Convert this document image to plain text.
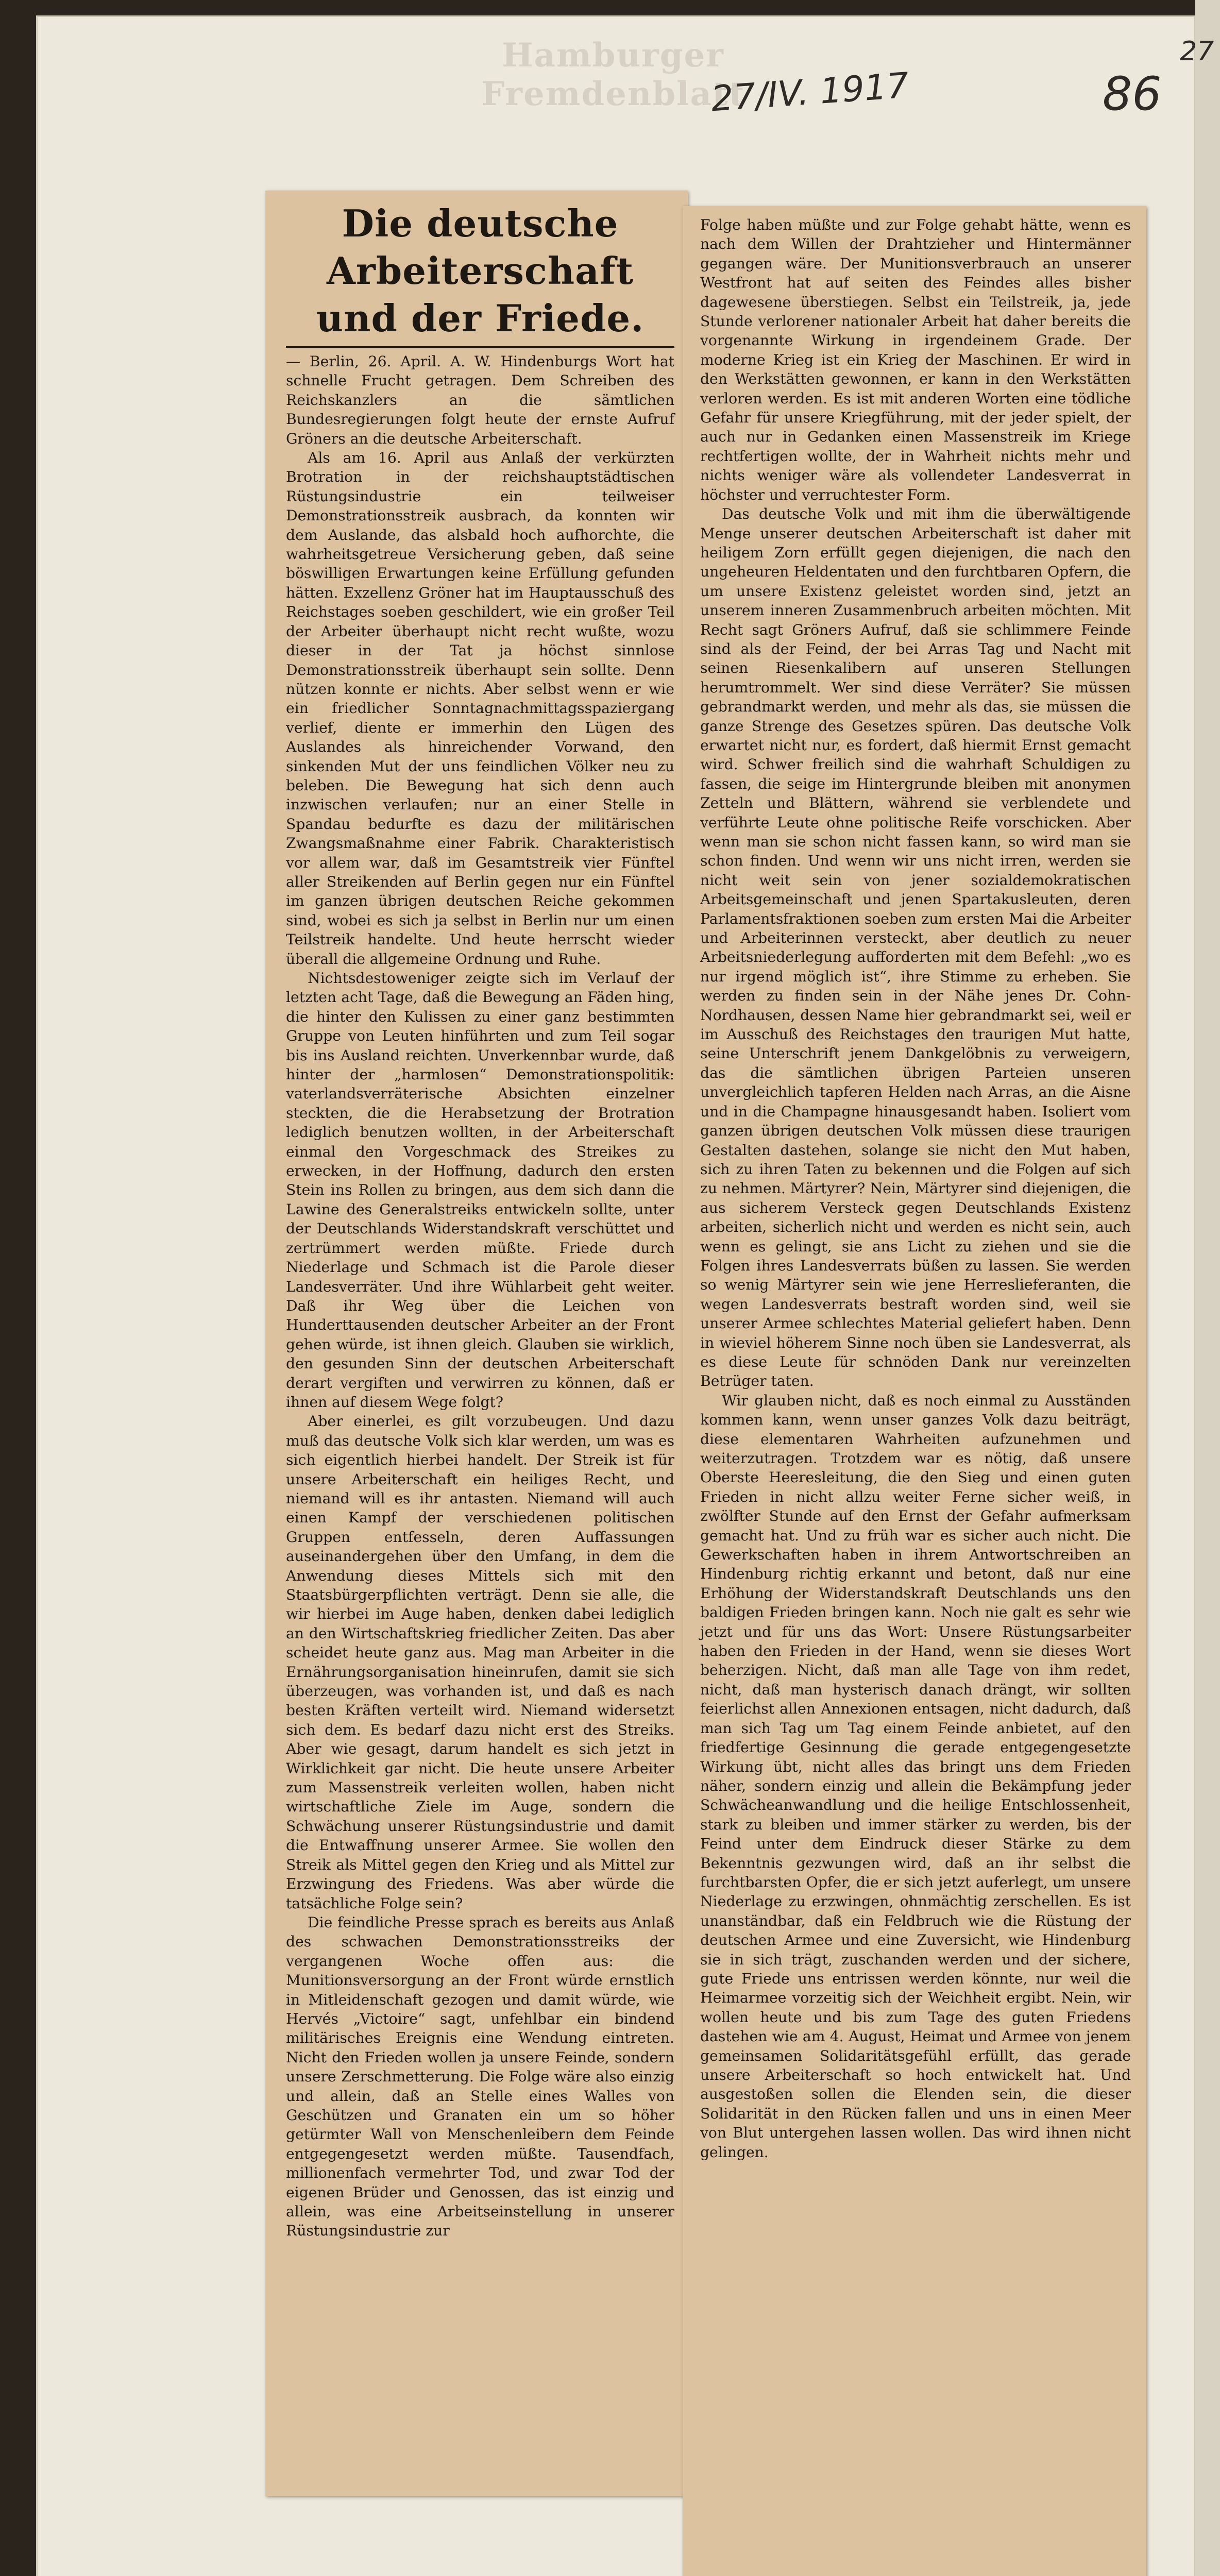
Hamburger Fremdenblatt
27/IV. 1917	86
27
Die deutsche Arbeiterschaft und der Friede.

— Berlin, 26. April. A. W. Hindenburgs Wort hat schnelle Frucht getragen. Dem Schreiben des Reichskanzlers an die sämtlichen Bundesregierungen folgt heute der ernste Aufruf Gröners an die deutsche Arbeiterschaft.

Als am 16. April aus Anlaß der verkürzten Brotration in der reichshauptstädtischen Rüstungsindustrie ein teilweiser Demonstrationsstreik ausbrach, da konnten wir dem Auslande, das alsbald hoch aufhorchte, die wahrheitsgetreue Versicherung geben, daß seine böswilligen Erwartungen keine Erfüllung gefunden hätten. Exzellenz Gröner hat im Hauptausschuß des Reichstages soeben geschildert, wie ein großer Teil der Arbeiter überhaupt nicht recht wußte, wozu dieser in der Tat ja höchst sinnlose Demonstrationsstreik überhaupt sein sollte. Denn nützen konnte er nichts. Aber selbst wenn er wie ein friedlicher Sonntagnachmittagsspaziergang verlief, diente er immerhin den Lügen des Auslandes als hinreichender Vorwand, den sinkenden Mut der uns feindlichen Völker neu zu beleben. Die Bewegung hat sich denn auch inzwischen verlaufen; nur an einer Stelle in Spandau bedurfte es dazu der militärischen Zwangsmaßnahme einer Fabrik. Charakteristisch vor allem war, daß im Gesamtstreik vier Fünftel aller Streikenden auf Berlin gegen nur ein Fünftel im ganzen übrigen deutschen Reiche gekommen sind, wobei es sich ja selbst in Berlin nur um einen Teilstreik handelte. Und heute herrscht wieder überall die allgemeine Ordnung und Ruhe.

Nichtsdestoweniger zeigte sich im Verlauf der letzten acht Tage, daß die Bewegung an Fäden hing, die hinter den Kulissen zu einer ganz bestimmten Gruppe von Leuten hinführten und zum Teil sogar bis ins Ausland reichten. Unverkennbar wurde, daß hinter der „harmlosen“ Demonstrationspolitik: vaterlandsverräterische Absichten einzelner steckten, die die Herabsetzung der Brotration lediglich benutzen wollten, in der Arbeiterschaft einmal den Vorgeschmack des Streikes zu erwecken, in der Hoffnung, dadurch den ersten Stein ins Rollen zu bringen, aus dem sich dann die Lawine des Generalstreiks entwickeln sollte, unter der Deutschlands Widerstandskraft verschüttet und zertrümmert werden müßte. Friede durch Niederlage und Schmach ist die Parole dieser Landesverräter. Und ihre Wühlarbeit geht weiter. Daß ihr Weg über die Leichen von Hunderttausenden deutscher Arbeiter an der Front gehen würde, ist ihnen gleich. Glauben sie wirklich, den gesunden Sinn der deutschen Arbeiterschaft derart vergiften und verwirren zu können, daß er ihnen auf diesem Wege folgt?

Aber einerlei, es gilt vorzubeugen. Und dazu muß das deutsche Volk sich klar werden, um was es sich eigentlich hierbei handelt. Der Streik ist für unsere Arbeiterschaft ein heiliges Recht, und niemand will es ihr antasten. Niemand will auch einen Kampf der verschiedenen politischen Gruppen entfesseln, deren Auffassungen auseinandergehen über den Umfang, in dem die Anwendung dieses Mittels sich mit den Staatsbürgerpflichten verträgt. Denn sie alle, die wir hierbei im Auge haben, denken dabei lediglich an den Wirtschaftskrieg friedlicher Zeiten. Das aber scheidet heute ganz aus. Mag man Arbeiter in die Ernährungsorganisation hineinrufen, damit sie sich überzeugen, was vorhanden ist, und daß es nach besten Kräften verteilt wird. Niemand widersetzt sich dem. Es bedarf dazu nicht erst des Streiks. Aber wie gesagt, darum handelt es sich jetzt in Wirklichkeit gar nicht. Die heute unsere Arbeiter zum Massenstreik verleiten wollen, haben nicht wirtschaftliche Ziele im Auge, sondern die Schwächung unserer Rüstungsindustrie und damit die Entwaffnung unserer Armee. Sie wollen den Streik als Mittel gegen den Krieg und als Mittel zur Erzwingung des Friedens. Was aber würde die tatsächliche Folge sein?

Die feindliche Presse sprach es bereits aus Anlaß des schwachen Demonstrationsstreiks der vergangenen Woche offen aus: die Munitionsversorgung an der Front würde ernstlich in Mitleidenschaft gezogen und damit würde, wie Hervés „Victoire“ sagt, unfehlbar ein bindend militärisches Ereignis eine Wendung eintreten. Nicht den Frieden wollen ja unsere Feinde, sondern unsere Zerschmetterung. Die Folge wäre also einzig und allein, daß an Stelle eines Walles von Geschützen und Granaten ein um so höher getürmter Wall von Menschenleibern dem Feinde entgegengesetzt werden müßte. Tausendfach, millionenfach vermehrter Tod, und zwar Tod der eigenen Brüder und Genossen, das ist einzig und allein, was eine Arbeitseinstellung in unserer Rüstungsindustrie zur

Folge haben müßte und zur Folge gehabt hätte, wenn es nach dem Willen der Drahtzieher und Hintermänner gegangen wäre. Der Munitionsverbrauch an unserer Westfront hat auf seiten des Feindes alles bisher dagewesene überstiegen. Selbst ein Teilstreik, ja, jede Stunde verlorener nationaler Arbeit hat daher bereits die vorgenannte Wirkung in irgendeinem Grade. Der moderne Krieg ist ein Krieg der Maschinen. Er wird in den Werkstätten gewonnen, er kann in den Werkstätten verloren werden. Es ist mit anderen Worten eine tödliche Gefahr für unsere Kriegführung, mit der jeder spielt, der auch nur in Gedanken einen Massenstreik im Kriege rechtfertigen wollte, der in Wahrheit nichts mehr und nichts weniger wäre als vollendeter Landesverrat in höchster und verruchtester Form.

Das deutsche Volk und mit ihm die überwältigende Menge unserer deutschen Arbeiterschaft ist daher mit heiligem Zorn erfüllt gegen diejenigen, die nach den ungeheuren Heldentaten und den furchtbaren Opfern, die um unsere Existenz geleistet worden sind, jetzt an unserem inneren Zusammenbruch arbeiten möchten. Mit Recht sagt Gröners Aufruf, daß sie schlimmere Feinde sind als der Feind, der bei Arras Tag und Nacht mit seinen Riesenkalibern auf unseren Stellungen herumtrommelt. Wer sind diese Verräter? Sie müssen gebrandmarkt werden, und mehr als das, sie müssen die ganze Strenge des Gesetzes spüren. Das deutsche Volk erwartet nicht nur, es fordert, daß hiermit Ernst gemacht wird. Schwer freilich sind die wahrhaft Schuldigen zu fassen, die seige im Hintergrunde bleiben mit anonymen Zetteln und Blättern, während sie verblendete und verführte Leute ohne politische Reife vorschicken. Aber wenn man sie schon nicht fassen kann, so wird man sie schon finden. Und wenn wir uns nicht irren, werden sie nicht weit sein von jener sozialdemokratischen Arbeitsgemeinschaft und jenen Spartakusleuten, deren Parlamentsfraktionen soeben zum ersten Mai die Arbeiter und Arbeiterinnen versteckt, aber deutlich zu neuer Arbeitsniederlegung aufforderten mit dem Befehl: „wo es nur irgend möglich ist“, ihre Stimme zu erheben. Sie werden zu finden sein in der Nähe jenes Dr. Cohn-Nordhausen, dessen Name hier gebrandmarkt sei, weil er im Ausschuß des Reichstages den traurigen Mut hatte, seine Unterschrift jenem Dankgelöbnis zu verweigern, das die sämtlichen übrigen Parteien unseren unvergleichlich tapferen Helden nach Arras, an die Aisne und in die Champagne hinausgesandt haben. Isoliert vom ganzen übrigen deutschen Volk müssen diese traurigen Gestalten dastehen, solange sie nicht den Mut haben, sich zu ihren Taten zu bekennen und die Folgen auf sich zu nehmen. Märtyrer? Nein, Märtyrer sind diejenigen, die aus sicherem Versteck gegen Deutschlands Existenz arbeiten, sicherlich nicht und werden es nicht sein, auch wenn es gelingt, sie ans Licht zu ziehen und sie die Folgen ihres Landesverrats büßen zu lassen. Sie werden so wenig Märtyrer sein wie jene Herreslieferanten, die wegen Landesverrats bestraft worden sind, weil sie unserer Armee schlechtes Material geliefert haben. Denn in wieviel höherem Sinne noch üben sie Landesverrat, als es diese Leute für schnöden Dank nur vereinzelten Betrüger taten.

Wir glauben nicht, daß es noch einmal zu Ausständen kommen kann, wenn unser ganzes Volk dazu beiträgt, diese elementaren Wahrheiten aufzunehmen und weiterzutragen. Trotzdem war es nötig, daß unsere Oberste Heeresleitung, die den Sieg und einen guten Frieden in nicht allzu weiter Ferne sicher weiß, in zwölfter Stunde auf den Ernst der Gefahr aufmerksam gemacht hat. Und zu früh war es sicher auch nicht. Die Gewerkschaften haben in ihrem Antwortschreiben an Hindenburg richtig erkannt und betont, daß nur eine Erhöhung der Widerstandskraft Deutschlands uns den baldigen Frieden bringen kann. Noch nie galt es sehr wie jetzt und für uns das Wort: Unsere Rüstungsarbeiter haben den Frieden in der Hand, wenn sie dieses Wort beherzigen. Nicht, daß man alle Tage von ihm redet, nicht, daß man hysterisch danach drängt, wir sollten feierlichst allen Annexionen entsagen, nicht dadurch, daß man sich Tag um Tag einem Feinde anbietet, auf den friedfertige Gesinnung die gerade entgegengesetzte Wirkung übt, nicht alles das bringt uns dem Frieden näher, sondern einzig und allein die Bekämpfung jeder Schwächeanwandlung und die heilige Entschlossenheit, stark zu bleiben und immer stärker zu werden, bis der Feind unter dem Eindruck dieser Stärke zu dem Bekenntnis gezwungen wird, daß an ihr selbst die furchtbarsten Opfer, die er sich jetzt auferlegt, um unsere Niederlage zu erzwingen, ohnmächtig zerschellen. Es ist unanständbar, daß ein Feldbruch wie die Rüstung der deutschen Armee und eine Zuversicht, wie Hindenburg sie in sich trägt, zuschanden werden und der sichere, gute Friede uns entrissen werden könnte, nur weil die Heimarmee vorzeitig sich der Weichheit ergibt. Nein, wir wollen heute und bis zum Tage des guten Friedens dastehen wie am 4. August, Heimat und Armee von jenem gemeinsamen Solidaritätsgefühl erfüllt, das gerade unsere Arbeiterschaft so hoch entwickelt hat. Und ausgestoßen sollen die Elenden sein, die dieser Solidarität in den Rücken fallen und uns in einen Meer von Blut untergehen lassen wollen. Das wird ihnen nicht gelingen.
